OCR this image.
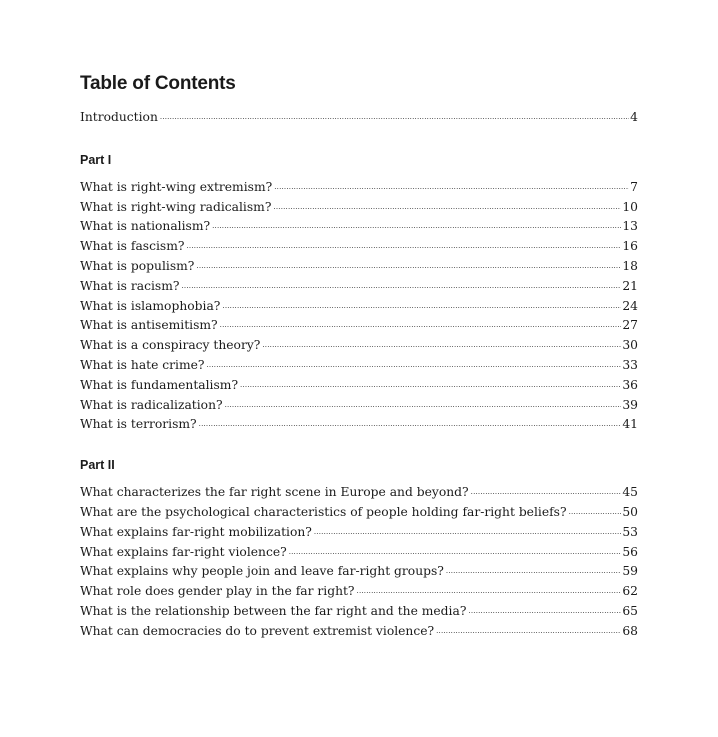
Table of Contents
Introduction .....	4
Part I
What is right-wing extremism? .....	7
What is right-wing radicalism? .....	10
What is nationalism? .....	13
What is fascism? .....	16
What is populism? .....	18
What is racism? .....	21
What is islamophobia? .....	24
What is antisemitism? .....	27
What is a conspiracy theory? .....	30
What is hate crime? .....	33
What is fundamentalism? .....	36
What is radicalization? .....	39
What is terrorism? .....	41
Part II
What characterizes the far right scene in Europe and beyond? .....	45
What are the psychological characteristics of people holding far-right beliefs? .....	50
What explains far-right mobilization? .....	53
What explains far-right violence? .....	56
What explains why people join and leave far-right groups? .....	59
What role does gender play in the far right? .....	62
What is the relationship between the far right and the media? .....	65
What can democracies do to prevent extremist violence? .....	68
